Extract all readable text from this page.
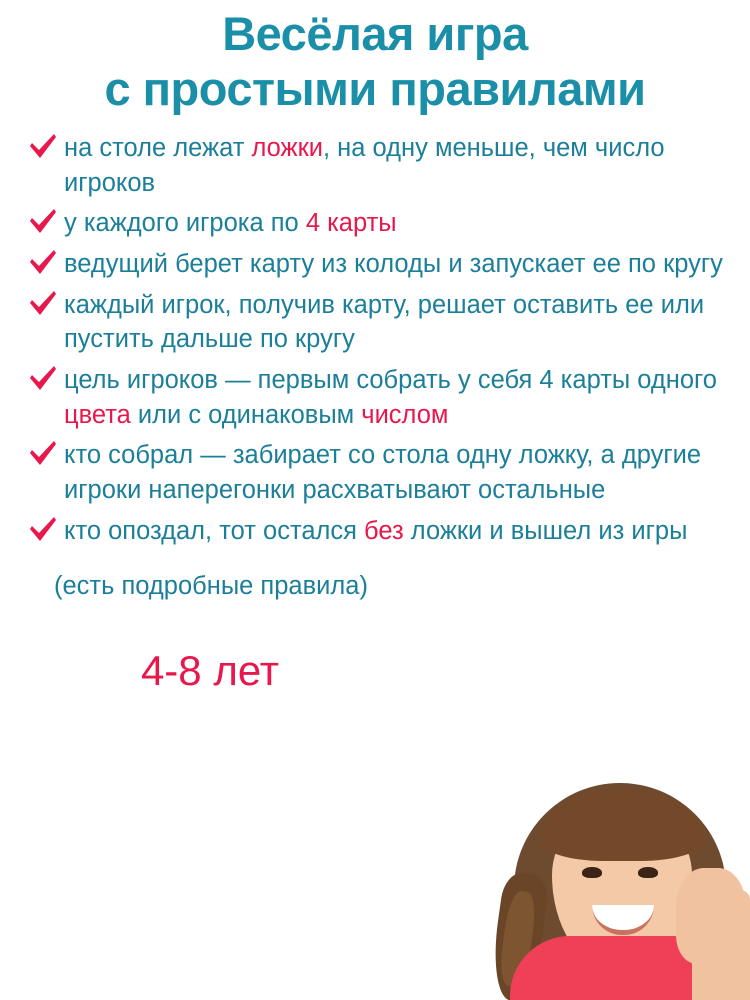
Весёлая игра
с простыми правилами
на столе лежат ложки, на одну меньше, чем число игроков
у каждого игрока по 4 карты
ведущий берет карту из колоды и запускает ее по кругу
каждый игрок, получив карту, решает оставить ее или пустить дальше по кругу
цель игроков — первым собрать у себя 4 карты одного цвета или с одинаковым числом
кто собрал — забирает со стола одну ложку, а другие игроки наперегонки расхватывают остальные
кто опоздал, тот остался без ложки и вышел из игры
(есть подробные правила)
4-8 лет
